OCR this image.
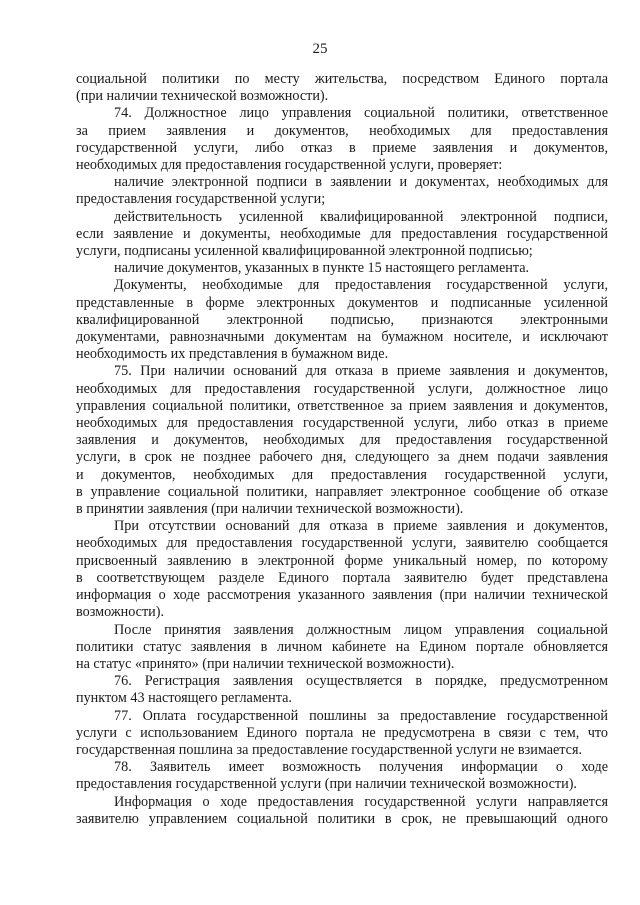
25
социальной политики по месту жительства, посредством Единого портала
(при наличии технической возможности).
74. Должностное лицо управления социальной политики, ответственное
за прием заявления и документов, необходимых для предоставления
государственной услуги, либо отказ в приеме заявления и документов,
необходимых для предоставления государственной услуги, проверяет:
наличие электронной подписи в заявлении и документах, необходимых для
предоставления государственной услуги;
действительность усиленной квалифицированной электронной подписи,
если заявление и документы, необходимые для предоставления государственной
услуги, подписаны усиленной квалифицированной электронной подписью;
наличие документов, указанных в пункте 15 настоящего регламента.
Документы, необходимые для предоставления государственной услуги,
представленные в форме электронных документов и подписанные усиленной
квалифицированной электронной подписью, признаются электронными
документами, равнозначными документам на бумажном носителе, и исключают
необходимость их представления в бумажном виде.
75. При наличии оснований для отказа в приеме заявления и документов,
необходимых для предоставления государственной услуги, должностное лицо
управления социальной политики, ответственное за прием заявления и документов,
необходимых для предоставления государственной услуги, либо отказ в приеме
заявления и документов, необходимых для предоставления государственной
услуги, в срок не позднее рабочего дня, следующего за днем подачи заявления
и документов, необходимых для предоставления государственной услуги,
в управление социальной политики, направляет электронное сообщение об отказе
в принятии заявления (при наличии технической возможности).
При отсутствии оснований для отказа в приеме заявления и документов,
необходимых для предоставления государственной услуги, заявителю сообщается
присвоенный заявлению в электронной форме уникальный номер, по которому
в соответствующем разделе Единого портала заявителю будет представлена
информация о ходе рассмотрения указанного заявления (при наличии технической
возможности).
После принятия заявления должностным лицом управления социальной
политики статус заявления в личном кабинете на Едином портале обновляется
на статус «принято» (при наличии технической возможности).
76. Регистрация заявления осуществляется в порядке, предусмотренном
пунктом 43 настоящего регламента.
77. Оплата государственной пошлины за предоставление государственной
услуги с использованием Единого портала не предусмотрена в связи с тем, что
государственная пошлина за предоставление государственной услуги не взимается.
78. Заявитель имеет возможность получения информации о ходе
предоставления государственной услуги (при наличии технической возможности).
Информация о ходе предоставления государственной услуги направляется
заявителю управлением социальной политики в срок, не превышающий одного
